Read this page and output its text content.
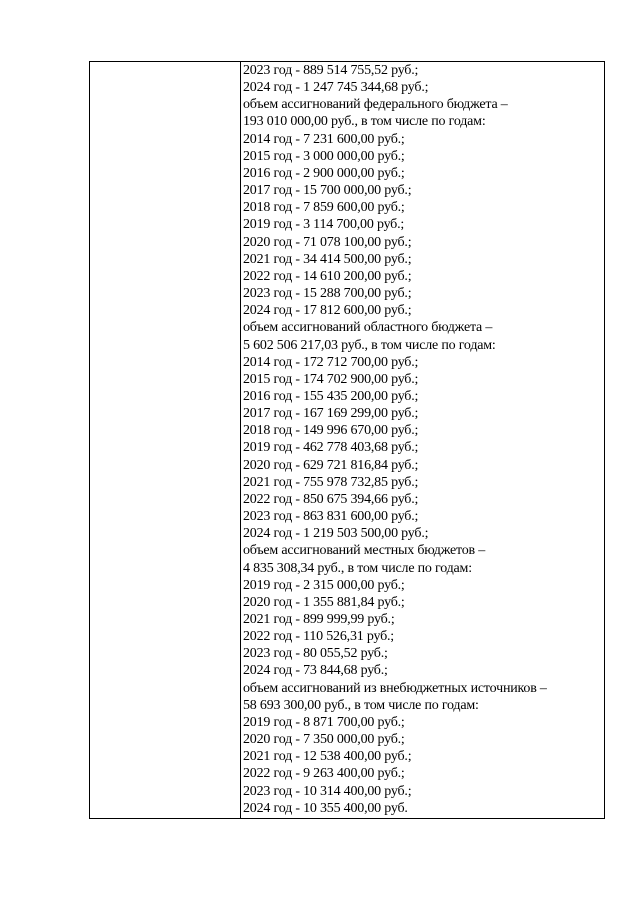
2023 год - 889 514 755,52 руб.;
2024 год - 1 247 745 344,68 руб.;
объем ассигнований федерального бюджета –
193 010 000,00 руб., в том числе по годам:
2014 год - 7 231 600,00 руб.;
2015 год - 3 000 000,00 руб.;
2016 год - 2 900 000,00 руб.;
2017 год - 15 700 000,00 руб.;
2018 год - 7 859 600,00 руб.;
2019 год - 3 114 700,00 руб.;
2020 год - 71 078 100,00 руб.;
2021 год - 34 414 500,00 руб.;
2022 год - 14 610 200,00 руб.;
2023 год - 15 288 700,00 руб.;
2024 год - 17 812 600,00 руб.;
объем ассигнований областного бюджета –
5 602 506 217,03 руб., в том числе по годам:
2014 год - 172 712 700,00 руб.;
2015 год - 174 702 900,00 руб.;
2016 год - 155 435 200,00 руб.;
2017 год - 167 169 299,00 руб.;
2018 год - 149 996 670,00 руб.;
2019 год - 462 778 403,68 руб.;
2020 год - 629 721 816,84 руб.;
2021 год - 755 978 732,85 руб.;
2022 год - 850 675 394,66 руб.;
2023 год - 863 831 600,00 руб.;
2024 год - 1 219 503 500,00 руб.;
объем ассигнований местных бюджетов –
4 835 308,34 руб., в том числе по годам:
2019 год - 2 315 000,00 руб.;
2020 год - 1 355 881,84 руб.;
2021 год - 899 999,99 руб.;
2022 год - 110 526,31 руб.;
2023 год - 80 055,52 руб.;
2024 год - 73 844,68 руб.;
объем ассигнований из внебюджетных источников –
58 693 300,00 руб., в том числе по годам:
2019 год - 8 871 700,00 руб.;
2020 год - 7 350 000,00 руб.;
2021 год - 12 538 400,00 руб.;
2022 год - 9 263 400,00 руб.;
2023 год - 10 314 400,00 руб.;
2024 год - 10 355 400,00 руб.
